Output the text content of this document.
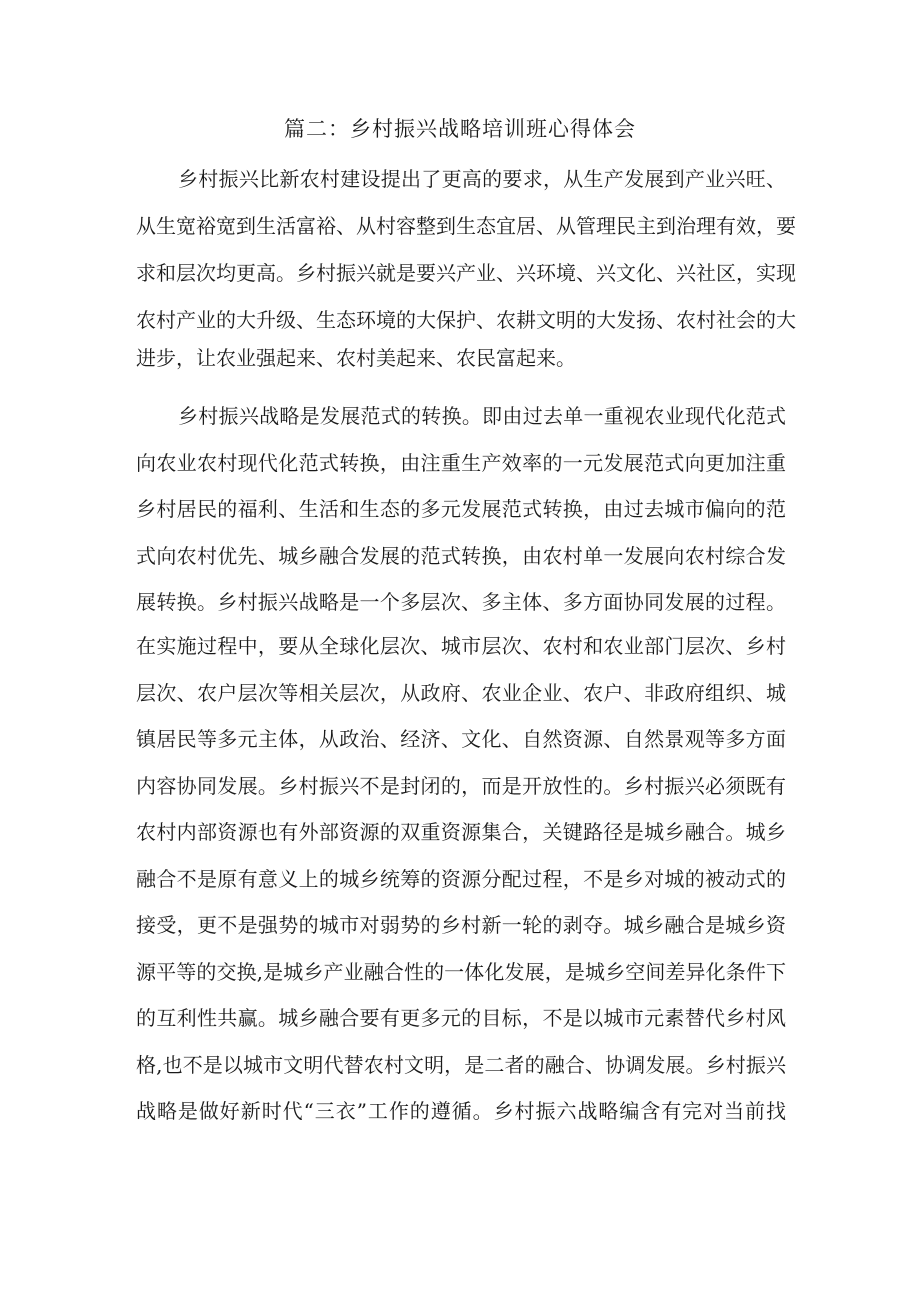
篇二：乡村振兴战略培训班心得体会

乡村振兴比新农村建设提出了更高的要求，从生产发展到产业兴旺、

从生宽裕宽到生活富裕、从村容整到生态宜居、从管理民主到治理有效，要

求和层次均更高。乡村振兴就是要兴产业、兴环境、兴文化、兴社区，实现

农村产业的大升级、生态环境的大保护、农耕文明的大发扬、农村社会的大

进步，让农业强起来、农村美起来、农民富起来。

乡村振兴战略是发展范式的转换。即由过去单一重视农业现代化范式

向农业农村现代化范式转换，由注重生产效率的一元发展范式向更加注重

乡村居民的福利、生活和生态的多元发展范式转换，由过去城市偏向的范

式向农村优先、城乡融合发展的范式转换，由农村单一发展向农村综合发

展转换。乡村振兴战略是一个多层次、多主体、多方面协同发展的过程。

在实施过程中，要从全球化层次、城市层次、农村和农业部门层次、乡村

层次、农户层次等相关层次，从政府、农业企业、农户、非政府组织、城

镇居民等多元主体，从政治、经济、文化、自然资源、自然景观等多方面

内容协同发展。乡村振兴不是封闭的，而是开放性的。乡村振兴必须既有

农村内部资源也有外部资源的双重资源集合，关键路径是城乡融合。城乡

融合不是原有意义上的城乡统筹的资源分配过程，不是乡对城的被动式的

接受，更不是强势的城市对弱势的乡村新一轮的剥夺。城乡融合是城乡资

源平等的交换,是城乡产业融合性的一体化发展，是城乡空间差异化条件下

的互利性共赢。城乡融合要有更多元的目标，不是以城市元素替代乡村风

格,也不是以城市文明代替农村文明，是二者的融合、协调发展。乡村振兴

战略是做好新时代“三衣”工作的遵循。乡村振六战略编含有完对当前找
